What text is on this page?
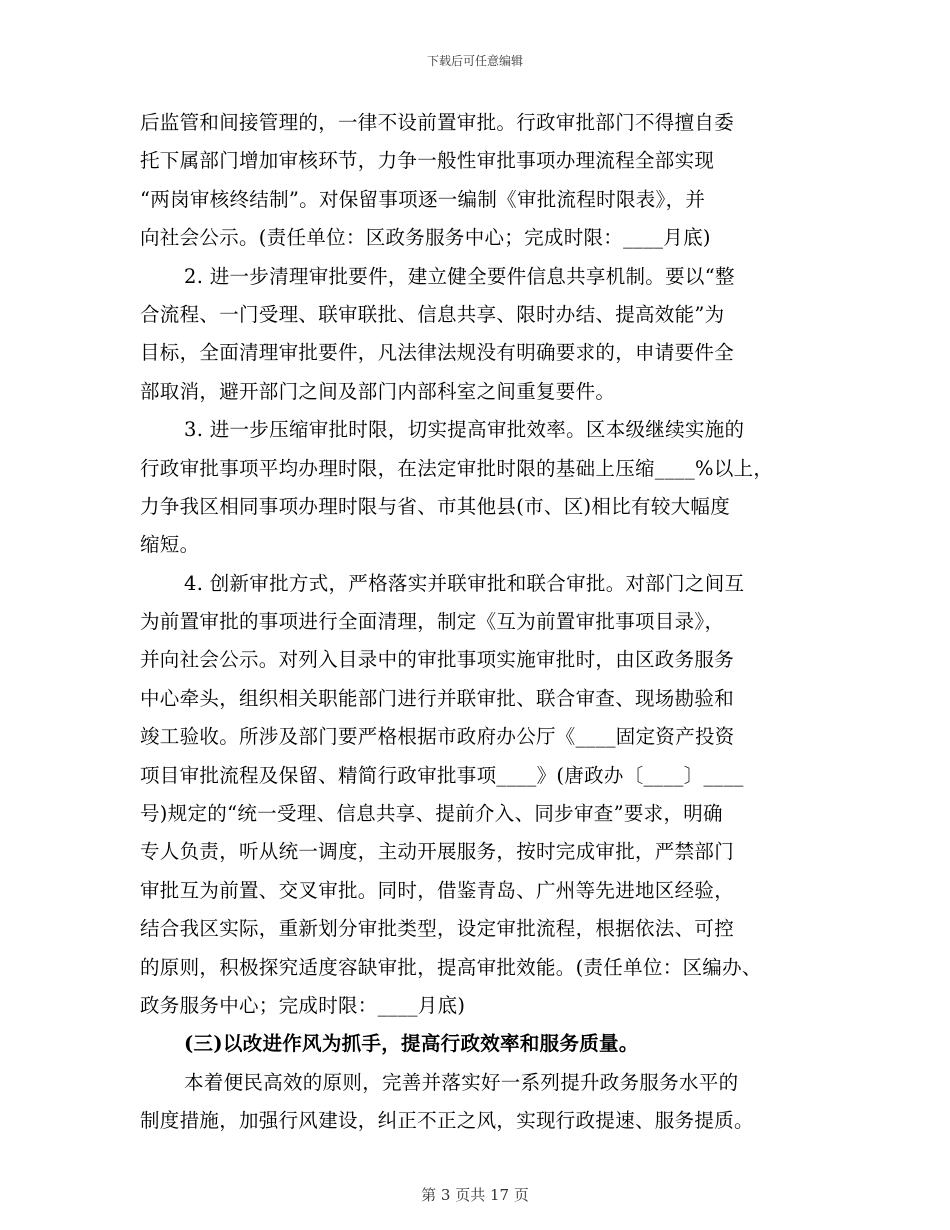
下载后可任意编辑
后监管和间接管理的，一律不设前置审批。行政审批部门不得擅自委
托下属部门增加审核环节，力争一般性审批事项办理流程全部实现
“两岗审核终结制”。对保留事项逐一编制《审批流程时限表》，并
向社会公示。(责任单位：区政务服务中心；完成时限：____月底)
2. 进一步清理审批要件，建立健全要件信息共享机制。要以“整
合流程、一门受理、联审联批、信息共享、限时办结、提高效能”为
目标，全面清理审批要件，凡法律法规没有明确要求的，申请要件全
部取消，避开部门之间及部门内部科室之间重复要件。
3. 进一步压缩审批时限，切实提高审批效率。区本级继续实施的
行政审批事项平均办理时限，在法定审批时限的基础上压缩____%以上，
力争我区相同事项办理时限与省、市其他县(市、区)相比有较大幅度
缩短。
4. 创新审批方式，严格落实并联审批和联合审批。对部门之间互
为前置审批的事项进行全面清理，制定《互为前置审批事项目录》，
并向社会公示。对列入目录中的审批事项实施审批时，由区政务服务
中心牵头，组织相关职能部门进行并联审批、联合审查、现场勘验和
竣工验收。所涉及部门要严格根据市政府办公厅《____固定资产投资
项目审批流程及保留、精简行政审批事项____》(唐政办〔____〕____
号)规定的“统一受理、信息共享、提前介入、同步审查”要求，明确
专人负责，听从统一调度，主动开展服务，按时完成审批，严禁部门
审批互为前置、交叉审批。同时，借鉴青岛、广州等先进地区经验，
结合我区实际，重新划分审批类型，设定审批流程，根据依法、可控
的原则，积极探究适度容缺审批，提高审批效能。(责任单位：区编办、
政务服务中心；完成时限：____月底)
(三)以改进作风为抓手，提高行政效率和服务质量。
本着便民高效的原则，完善并落实好一系列提升政务服务水平的
制度措施，加强行风建设，纠正不正之风，实现行政提速、服务提质。
第 3 页共 17 页
